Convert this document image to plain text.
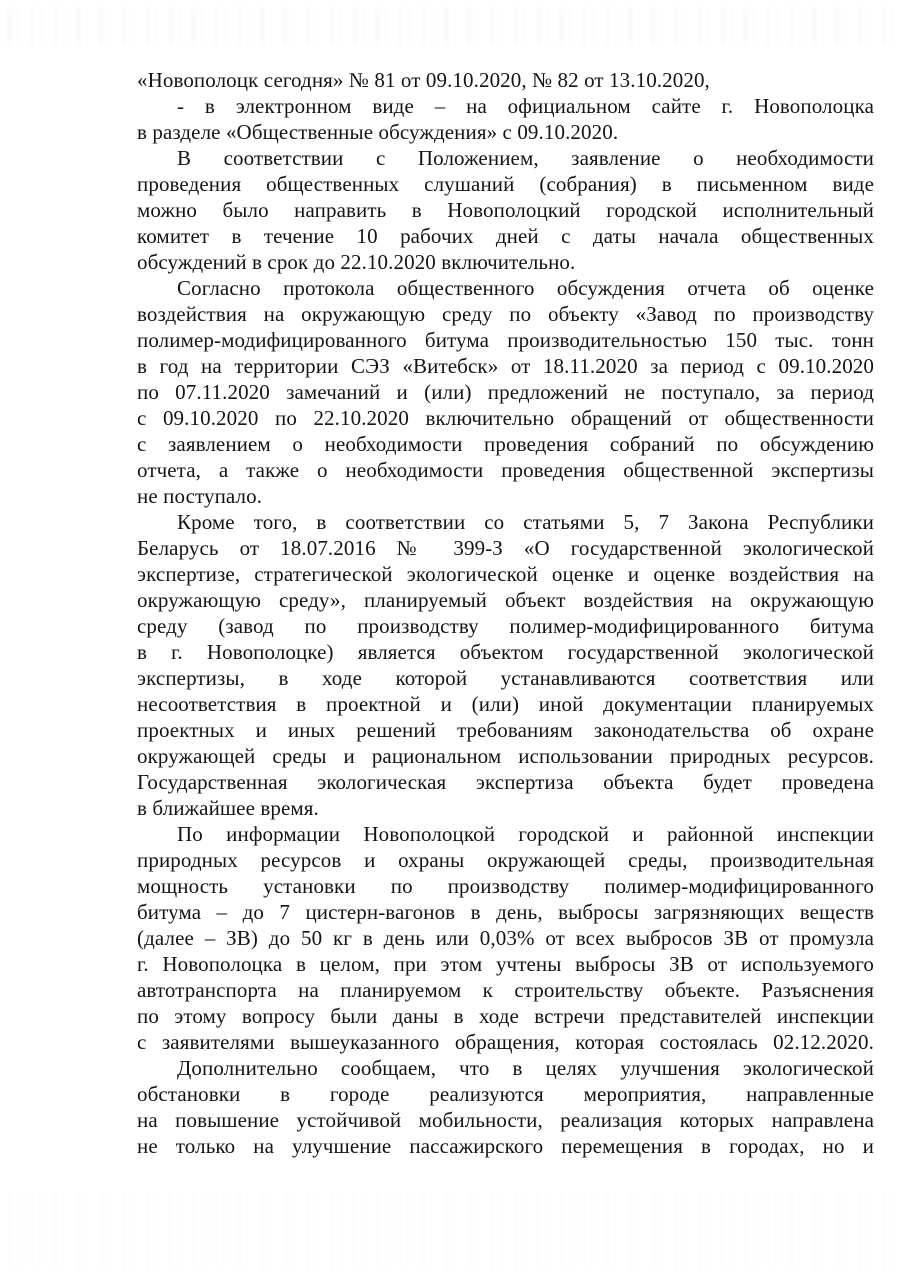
«Новополоцк сегодня» № 81 от 09.10.2020, № 82 от 13.10.2020,
- в электронном виде – на официальном сайте г. Новополоцка
в разделе «Общественные обсуждения» с 09.10.2020.
В соответствии с Положением, заявление о необходимости
проведения общественных слушаний (собрания) в письменном виде
можно было направить в Новополоцкий городской исполнительный
комитет в течение 10 рабочих дней с даты начала общественных
обсуждений в срок до 22.10.2020 включительно.
Согласно протокола общественного обсуждения отчета об оценке
воздействия на окружающую среду по объекту «Завод по производству
полимер-модифицированного битума производительностью 150 тыс. тонн
в год на территории СЭЗ «Витебск» от 18.11.2020 за период с 09.10.2020
по 07.11.2020 замечаний и (или) предложений не поступало, за период
с 09.10.2020 по 22.10.2020 включительно обращений от общественности
с заявлением о необходимости проведения собраний по обсуждению
отчета, а также о необходимости проведения общественной экспертизы
не поступало.
Кроме того, в соответствии со статьями 5, 7 Закона Республики
Беларусь от 18.07.2016 № 399-З «О государственной экологической
экспертизе, стратегической экологической оценке и оценке воздействия на
окружающую среду», планируемый объект воздействия на окружающую
среду (завод по производству полимер-модифицированного битума
в г. Новополоцке) является объектом государственной экологической
экспертизы, в ходе которой устанавливаются соответствия или
несоответствия в проектной и (или) иной документации планируемых
проектных и иных решений требованиям законодательства об охране
окружающей среды и рациональном использовании природных ресурсов.
Государственная экологическая экспертиза объекта будет проведена
в ближайшее время.
По информации Новополоцкой городской и районной инспекции
природных ресурсов и охраны окружающей среды, производительная
мощность установки по производству полимер-модифицированного
битума – до 7 цистерн-вагонов в день, выбросы загрязняющих веществ
(далее – ЗВ) до 50 кг в день или 0,03% от всех выбросов ЗВ от промузла
г. Новополоцка в целом, при этом учтены выбросы ЗВ от используемого
автотранспорта на планируемом к строительству объекте. Разъяснения
по этому вопросу были даны в ходе встречи представителей инспекции
с заявителями вышеуказанного обращения, которая состоялась 02.12.2020.
Дополнительно сообщаем, что в целях улучшения экологической
обстановки в городе реализуются мероприятия, направленные
на повышение устойчивой мобильности, реализация которых направлена
не только на улучшение пассажирского перемещения в городах, но и
